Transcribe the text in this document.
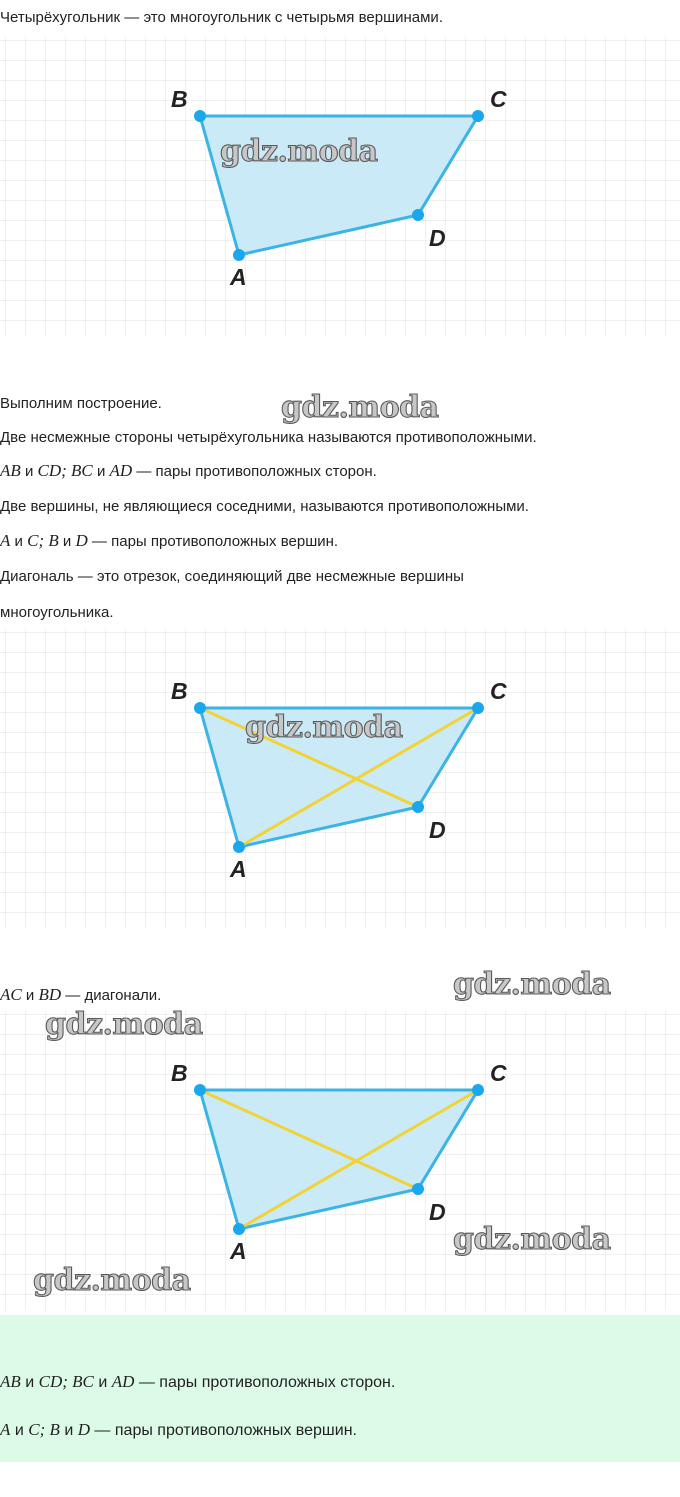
Четырёхугольник — это многоугольник с четырьмя вершинами.
B	C
D
A
gdz.moda
Выполним построение.	gdz.moda
Две несмежные стороны четырёхугольника называются противоположными.
AB и CD; BC и AD — пары противоположных сторон.
Две вершины, не являющиеся соседними, называются противоположными.
A и C; B и D — пары противоположных вершин.
Диагональ — это отрезок, соединяющий две несмежные вершины
многоугольника.
B	C
D
A
gdz.moda
AC и BD — диагонали.	gdz.moda
B	C
D
A
gdz.moda
gdz.moda
gdz.moda
AB и CD; BC и AD — пары противоположных сторон.
A и C; B и D — пары противоположных вершин.
